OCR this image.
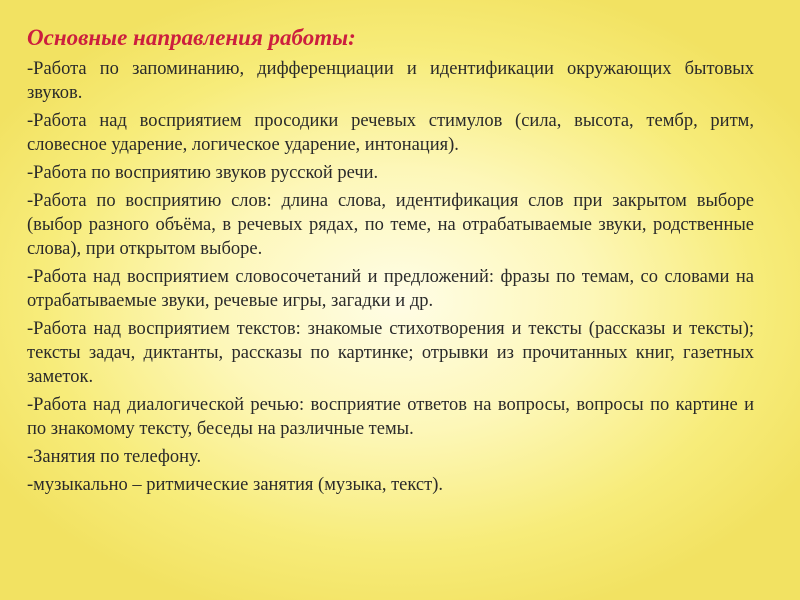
Основные направления работы:
-Работа по запоминанию, дифференциации и идентификации окружающих бытовых звуков.
-Работа над восприятием просодики речевых стимулов (сила, высота, тембр, ритм, словесное ударение, логическое ударение, интонация).
-Работа по восприятию звуков русской речи.
-Работа по восприятию слов: длина слова, идентификация слов при закрытом выборе (выбор разного объёма, в речевых рядах, по теме, на отрабатываемые звуки, родственные слова), при открытом выборе.
-Работа над восприятием словосочетаний и предложений: фразы по темам, со словами на отрабатываемые звуки, речевые игры, загадки и др.
-Работа над восприятием текстов: знакомые стихотворения и тексты (рассказы и тексты); тексты задач, диктанты, рассказы по картинке; отрывки из прочитанных книг, газетных заметок.
-Работа над диалогической речью: восприятие ответов на вопросы, вопросы по картине и по знакомому тексту, беседы на различные темы.
-Занятия по телефону.
-музыкально – ритмические занятия (музыка, текст).
